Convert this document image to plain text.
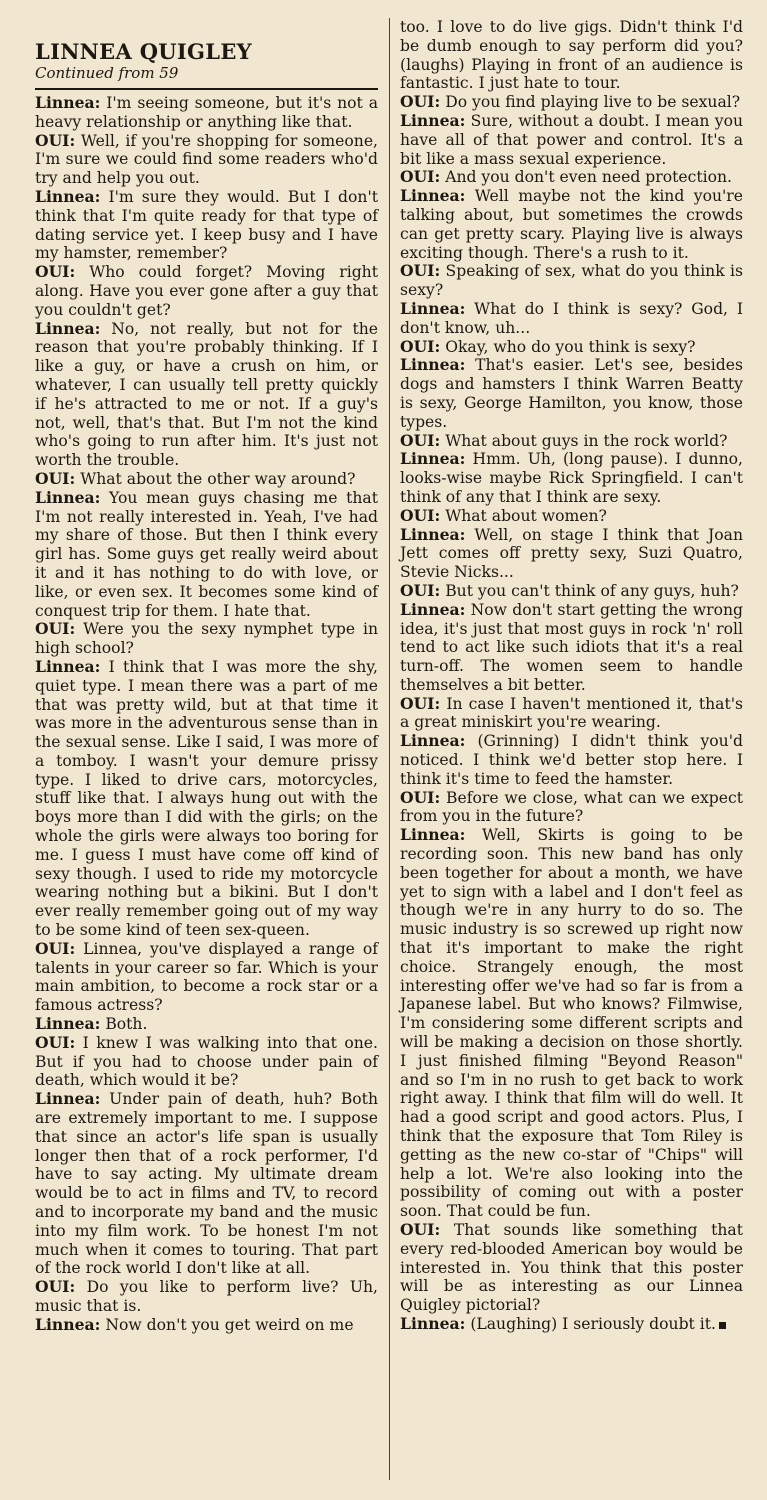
LINNEA QUIGLEY
Continued from 59

Linnea: I'm seeing someone, but it's not a heavy relationship or anything like that.

OUI: Well, if you're shopping for someone, I'm sure we could find some readers who'd try and help you out.

Linnea: I'm sure they would. But I don't think that I'm quite ready for that type of dating service yet. I keep busy and I have my hamster, remember?

OUI: Who could forget? Moving right along. Have you ever gone after a guy that you couldn't get?

Linnea: No, not really, but not for the reason that you're probably thinking. If I like a guy, or have a crush on him, or whatever, I can usually tell pretty quickly if he's attracted to me or not. If a guy's not, well, that's that. But I'm not the kind who's going to run after him. It's just not worth the trouble.

OUI: What about the other way around?

Linnea: You mean guys chasing me that I'm not really interested in. Yeah, I've had my share of those. But then I think every girl has. Some guys get really weird about it and it has nothing to do with love, or like, or even sex. It becomes some kind of conquest trip for them. I hate that.

OUI: Were you the sexy nymphet type in high school?

Linnea: I think that I was more the shy, quiet type. I mean there was a part of me that was pretty wild, but at that time it was more in the adventurous sense than in the sexual sense. Like I said, I was more of a tomboy. I wasn't your demure prissy type. I liked to drive cars, motorcycles, stuff like that. I always hung out with the boys more than I did with the girls; on the whole the girls were always too boring for me. I guess I must have come off kind of sexy though. I used to ride my motorcycle wearing nothing but a bikini. But I don't ever really remember going out of my way to be some kind of teen sex-queen.

OUI: Linnea, you've displayed a range of talents in your career so far. Which is your main ambition, to become a rock star or a famous actress?

Linnea: Both.

OUI: I knew I was walking into that one. But if you had to choose under pain of death, which would it be?

Linnea: Under pain of death, huh? Both are extremely important to me. I suppose that since an actor's life span is usually longer then that of a rock performer, I'd have to say acting. My ultimate dream would be to act in films and TV, to record and to incorporate my band and the music into my film work. To be honest I'm not much when it comes to touring. That part of the rock world I don't like at all.

OUI: Do you like to perform live? Uh, music that is.

Linnea: Now don't you get weird on me

too. I love to do live gigs. Didn't think I'd be dumb enough to say perform did you? (laughs) Playing in front of an audience is fantastic. I just hate to tour.

OUI: Do you find playing live to be sexual?

Linnea: Sure, without a doubt. I mean you have all of that power and control. It's a bit like a mass sexual experience.

OUI: And you don't even need protection.

Linnea: Well maybe not the kind you're talking about, but sometimes the crowds can get pretty scary. Playing live is always exciting though. There's a rush to it.

OUI: Speaking of sex, what do you think is sexy?

Linnea: What do I think is sexy? God, I don't know, uh...

OUI: Okay, who do you think is sexy?

Linnea: That's easier. Let's see, besides dogs and hamsters I think Warren Beatty is sexy, George Hamilton, you know, those types.

OUI: What about guys in the rock world?

Linnea: Hmm. Uh, (long pause). I dunno, looks-wise maybe Rick Springfield. I can't think of any that I think are sexy.

OUI: What about women?

Linnea: Well, on stage I think that Joan Jett comes off pretty sexy, Suzi Quatro, Stevie Nicks...

OUI: But you can't think of any guys, huh?

Linnea: Now don't start getting the wrong idea, it's just that most guys in rock 'n' roll tend to act like such idiots that it's a real turn-off. The women seem to handle themselves a bit better.

OUI: In case I haven't mentioned it, that's a great miniskirt you're wearing.

Linnea: (Grinning) I didn't think you'd noticed. I think we'd better stop here. I think it's time to feed the hamster.

OUI: Before we close, what can we expect from you in the future?

Linnea: Well, Skirts is going to be recording soon. This new band has only been together for about a month, we have yet to sign with a label and I don't feel as though we're in any hurry to do so. The music industry is so screwed up right now that it's important to make the right choice. Strangely enough, the most interesting offer we've had so far is from a Japanese label. But who knows? Filmwise, I'm considering some different scripts and will be making a decision on those shortly. I just finished filming "Beyond Reason" and so I'm in no rush to get back to work right away. I think that film will do well. It had a good script and good actors. Plus, I think that the exposure that Tom Riley is getting as the new co-star of "Chips" will help a lot. We're also looking into the possibility of coming out with a poster soon. That could be fun.

OUI: That sounds like something that every red-blooded American boy would be interested in. You think that this poster will be as interesting as our Linnea Quigley pictorial?

Linnea: (Laughing) I seriously doubt it.
